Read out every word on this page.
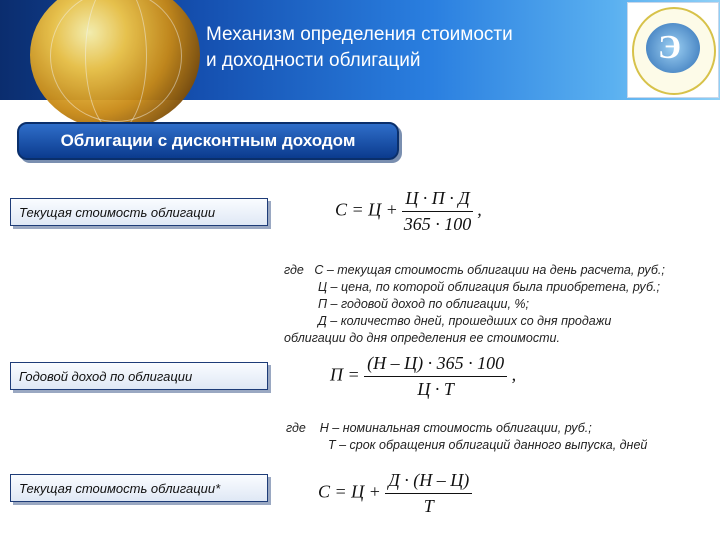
Механизм определения стоимости
и доходности облигаций	Э
Облигации с дисконтным доходом
Текущая стоимость облигации	$С = Ц + \frac{Ц \cdot П \cdot Д}{365 \cdot 100}$ ,
где С – текущая стоимость облигации на день расчета, руб.;
Ц – цена, по которой облигация была приобретена, руб.;
П – годовой доход по облигации, %;
Д – количество дней, прошедших со дня продажи
облигации до дня определения ее стоимости.
Годовой доход по облигации	$П = \frac{(Н - Ц) \cdot 365 \cdot 100}{Ц \cdot Т}$ ,
где Н – номинальная стоимость облигации, руб.;
Т – срок обращения облигаций данного выпуска, дней
Текущая стоимость облигации*	$С = Ц + \frac{Д \cdot (Н - Ц)}{Т}$
